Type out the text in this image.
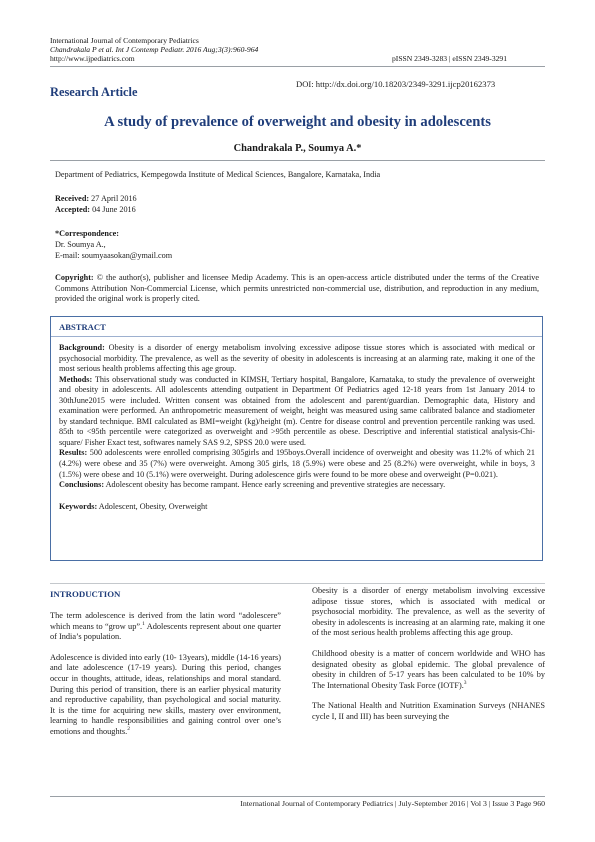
International Journal of Contemporary Pediatrics
Chandrakala P et al. Int J Contemp Pediatr. 2016 Aug;3(3):960-964
http://www.ijpediatrics.com	pISSN 2349-3283 | eISSN 2349-3291
DOI: http://dx.doi.org/10.18203/2349-3291.ijcp20162373
Research Article
A study of prevalence of overweight and obesity in adolescents
Chandrakala P., Soumya A.*
Department of Pediatrics, Kempegowda Institute of Medical Sciences, Bangalore, Karnataka, India
Received: 27 April 2016
Accepted: 04 June 2016
*Correspondence:
Dr. Soumya A.,
E-mail: soumyaasokan@ymail.com

Copyright: © the author(s), publisher and licensee Medip Academy. This is an open-access article distributed under the terms of the Creative Commons Attribution Non-Commercial License, which permits unrestricted non-commercial use, distribution, and reproduction in any medium, provided the original work is properly cited.

ABSTRACT

Background: Obesity is a disorder of energy metabolism involving excessive adipose tissue stores which is associated with medical or psychosocial morbidity. The prevalence, as well as the severity of obesity in adolescents is increasing at an alarming rate, making it one of the most serious health problems affecting this age group.

Methods: This observational study was conducted in KIMSH, Tertiary hospital, Bangalore, Karnataka, to study the prevalence of overweight and obesity in adolescents. All adolescents attending outpatient in Department Of Pediatrics aged 12-18 years from 1st January 2014 to 30thJune2015 were included. Written consent was obtained from the adolescent and parent/guardian. Demographic data, History and examination were performed. An anthropometric measurement of weight, height was measured using same calibrated balance and stadiometer by standard technique. BMI calculated as BMI=weight (kg)/height (m). Centre for disease control and prevention percentile ranking was used. 85th to <95th percentile were categorized as overweight and >95th percentile as obese. Descriptive and inferential statistical analysis-Chi-square/ Fisher Exact test, softwares namely SAS 9.2, SPSS 20.0 were used.

Results: 500 adolescents were enrolled comprising 305girls and 195boys.Overall incidence of overweight and obesity was 11.2% of which 21 (4.2%) were obese and 35 (7%) were overweight. Among 305 girls, 18 (5.9%) were obese and 25 (8.2%) were overweight, while in boys, 3 (1.5%) were obese and 10 (5.1%) were overweight. During adolescence girls were found to be more obese and overweight (P=0.021).

Conclusions: Adolescent obesity has become rampant. Hence early screening and preventive strategies are necessary.

Keywords: Adolescent, Obesity, Overweight

INTRODUCTION

The term adolescence is derived from the latin word “adolescere” which means to “grow up”.$^1$ Adolescents represent about one quarter of India’s population.

Adolescence is divided into early (10- 13years), middle (14-16 years) and late adolescence (17-19 years). During this period, changes occur in thoughts, attitude, ideas, relationships and moral standard. During this period of transition, there is an earlier physical maturity and reproductive capability, than psychological and social maturity. It is the time for acquiring new skills, mastery over environment, learning to handle responsibilities and gaining control over one’s emotions and thoughts.$^2$

Obesity is a disorder of energy metabolism involving excessive adipose tissue stores, which is associated with medical or psychosocial morbidity. The prevalence, as well as the severity of obesity in adolescents is increasing at an alarming rate, making it one of the most serious health problems affecting this age group.

Childhood obesity is a matter of concern worldwide and WHO has designated obesity as global epidemic. The global prevalence of obesity in children of 5-17 years has been calculated to be 10% by The International Obesity Task Force (IOTF).$^3$

The National Health and Nutrition Examination Surveys (NHANES cycle I, II and III) has been surveying the

International Journal of Contemporary Pediatrics | July-September 2016 | Vol 3 | Issue 3 Page 960
